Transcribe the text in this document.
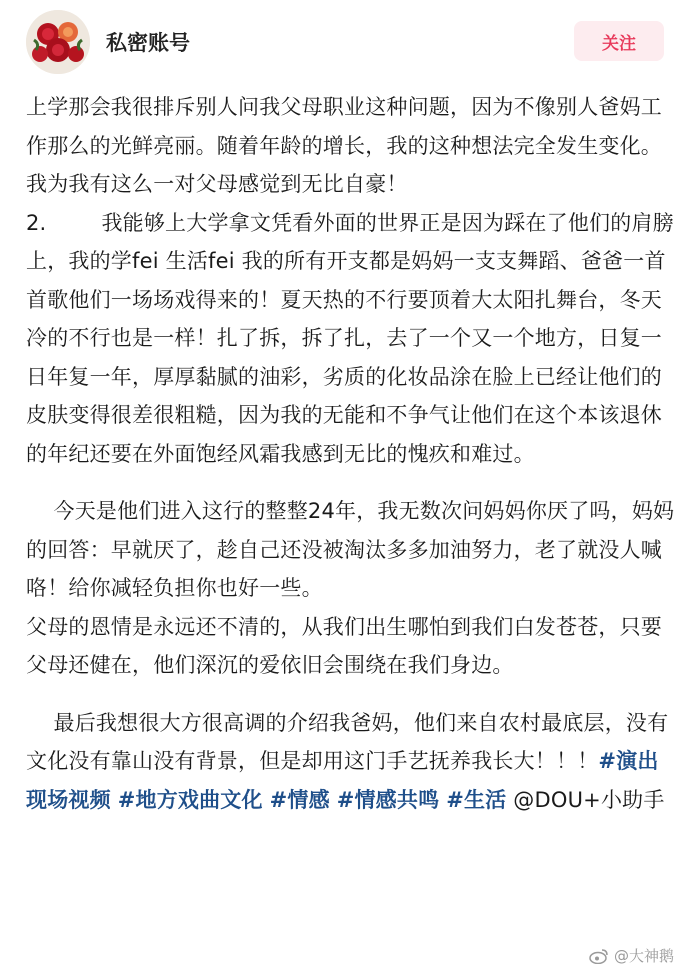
私密账号	关注

上学那会我很排斥别人问我父母职业这种问题，因为不像别人爸妈工作那么的光鲜亮丽。随着年龄的增长，我的这种想法完全发生变化。我为我有这么一对父母感觉到无比自豪！

2.        我能够上大学拿文凭看外面的世界正是因为踩在了他们的肩膀上，我的学fei 生活fei 我的所有开支都是妈妈一支支舞蹈、爸爸一首首歌他们一场场戏得来的！夏天热的不行要顶着大太阳扎舞台，冬天冷的不行也是一样！扎了拆，拆了扎，去了一个又一个地方，日复一日年复一年，厚厚黏腻的油彩，劣质的化妆品涂在脸上已经让他们的皮肤变得很差很粗糙，因为我的无能和不争气让他们在这个本该退休的年纪还要在外面饱经风霜我感到无比的愧疚和难过。

今天是他们进入这行的整整24年，我无数次问妈妈你厌了吗，妈妈的回答：早就厌了，趁自己还没被淘汰多多加油努力，老了就没人喊咯！给你减轻负担你也好一些。

父母的恩情是永远还不清的，从我们出生哪怕到我们白发苍苍，只要父母还健在，他们深沉的爱依旧会围绕在我们身边。

最后我想很大方很高调的介绍我爸妈，他们来自农村最底层，没有文化没有靠山没有背景，但是却用这门手艺抚养我长大！！！#演出现场视频 #地方戏曲文化 #情感 #情感共鸣 #生活 @DOU+小助手

@大神鹅
